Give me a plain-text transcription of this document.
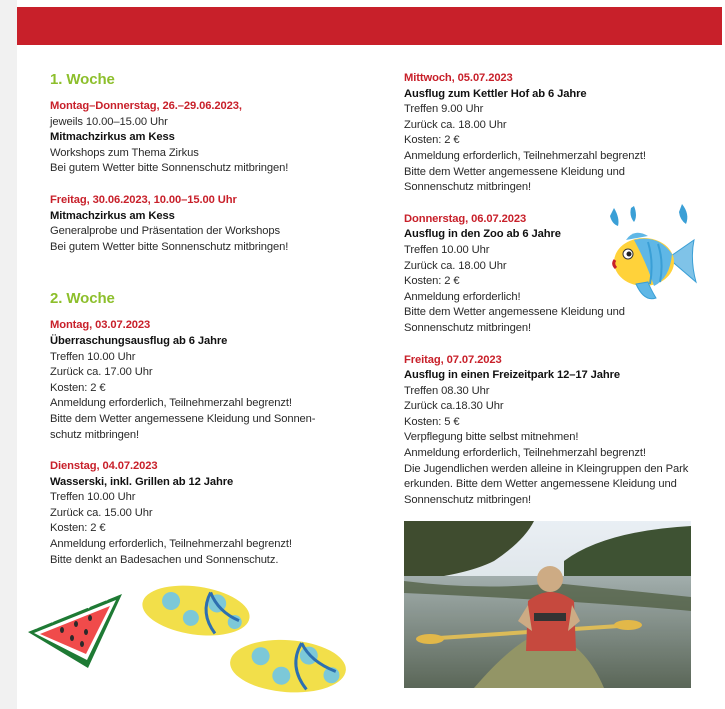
1. Woche
Montag–Donnerstag, 26.–29.06.2023,
jeweils 10.00–15.00 Uhr
Mitmachzirkus am Kess
Workshops zum Thema Zirkus
Bei gutem Wetter bitte Sonnenschutz mitbringen!
Freitag, 30.06.2023, 10.00–15.00 Uhr
Mitmachzirkus am Kess
Generalprobe und Präsentation der Workshops
Bei gutem Wetter bitte Sonnenschutz mitbringen!
2. Woche
Montag, 03.07.2023
Überraschungsausflug ab 6 Jahre
Treffen 10.00 Uhr
Zurück ca. 17.00 Uhr
Kosten: 2 €
Anmeldung erforderlich, Teilnehmerzahl begrenzt!
Bitte dem Wetter angemessene Kleidung und Sonnen-
schutz mitbringen!
Dienstag, 04.07.2023
Wasserski, inkl. Grillen ab 12 Jahre
Treffen 10.00 Uhr
Zurück ca. 15.00 Uhr
Kosten: 2 €
Anmeldung erforderlich, Teilnehmerzahl begrenzt!
Bitte denkt an Badesachen und Sonnenschutz.
Mittwoch, 05.07.2023
Ausflug zum Kettler Hof ab 6 Jahre
Treffen 9.00 Uhr
Zurück ca. 18.00 Uhr
Kosten: 2 €
Anmeldung erforderlich, Teilnehmerzahl begrenzt!
Bitte dem Wetter angemessene Kleidung und
Sonnenschutz mitbringen!
Donnerstag, 06.07.2023
Ausflug in den Zoo ab 6 Jahre
Treffen 10.00 Uhr
Zurück ca. 18.00 Uhr
Kosten: 2 €
Anmeldung erforderlich!
Bitte dem Wetter angemessene Kleidung und
Sonnenschutz mitbringen!
Freitag, 07.07.2023
Ausflug in einen Freizeitpark 12–17 Jahre
Treffen 08.30 Uhr
Zurück ca.18.30 Uhr
Kosten: 5 €
Verpflegung bitte selbst mitnehmen!
Anmeldung erforderlich, Teilnehmerzahl begrenzt!
Die Jugendlichen werden alleine in Kleingruppen den Park
erkunden. Bitte dem Wetter angemessene Kleidung und
Sonnenschutz mitbringen!
